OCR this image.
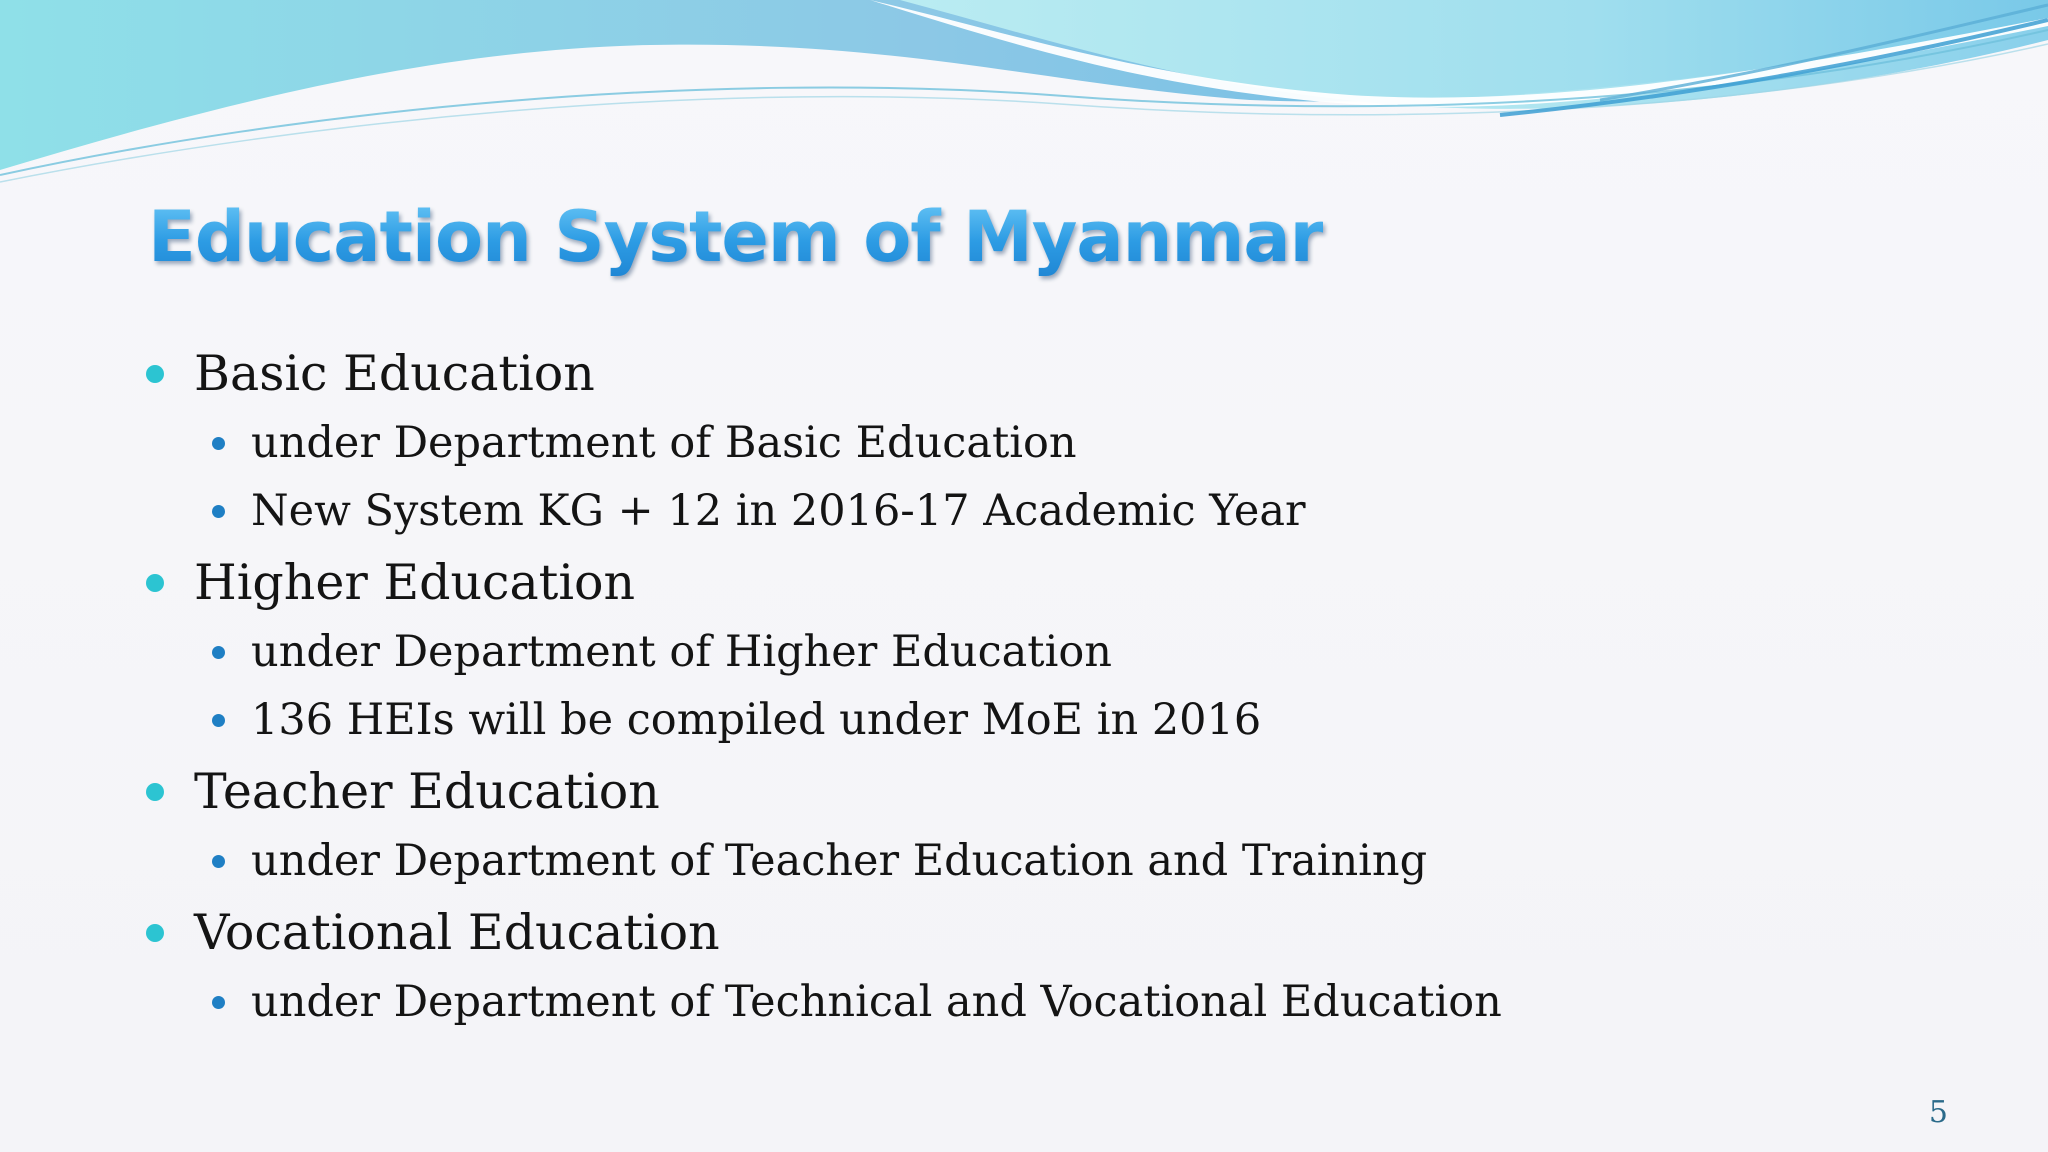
Education System of Myanmar
Basic Education
under Department of Basic Education
New System KG + 12 in 2016-17 Academic Year
Higher Education
under Department of Higher Education
136 HEIs will be compiled under MoE in 2016
Teacher Education
under Department of Teacher Education and Training
Vocational Education
under Department of Technical and Vocational Education
5
